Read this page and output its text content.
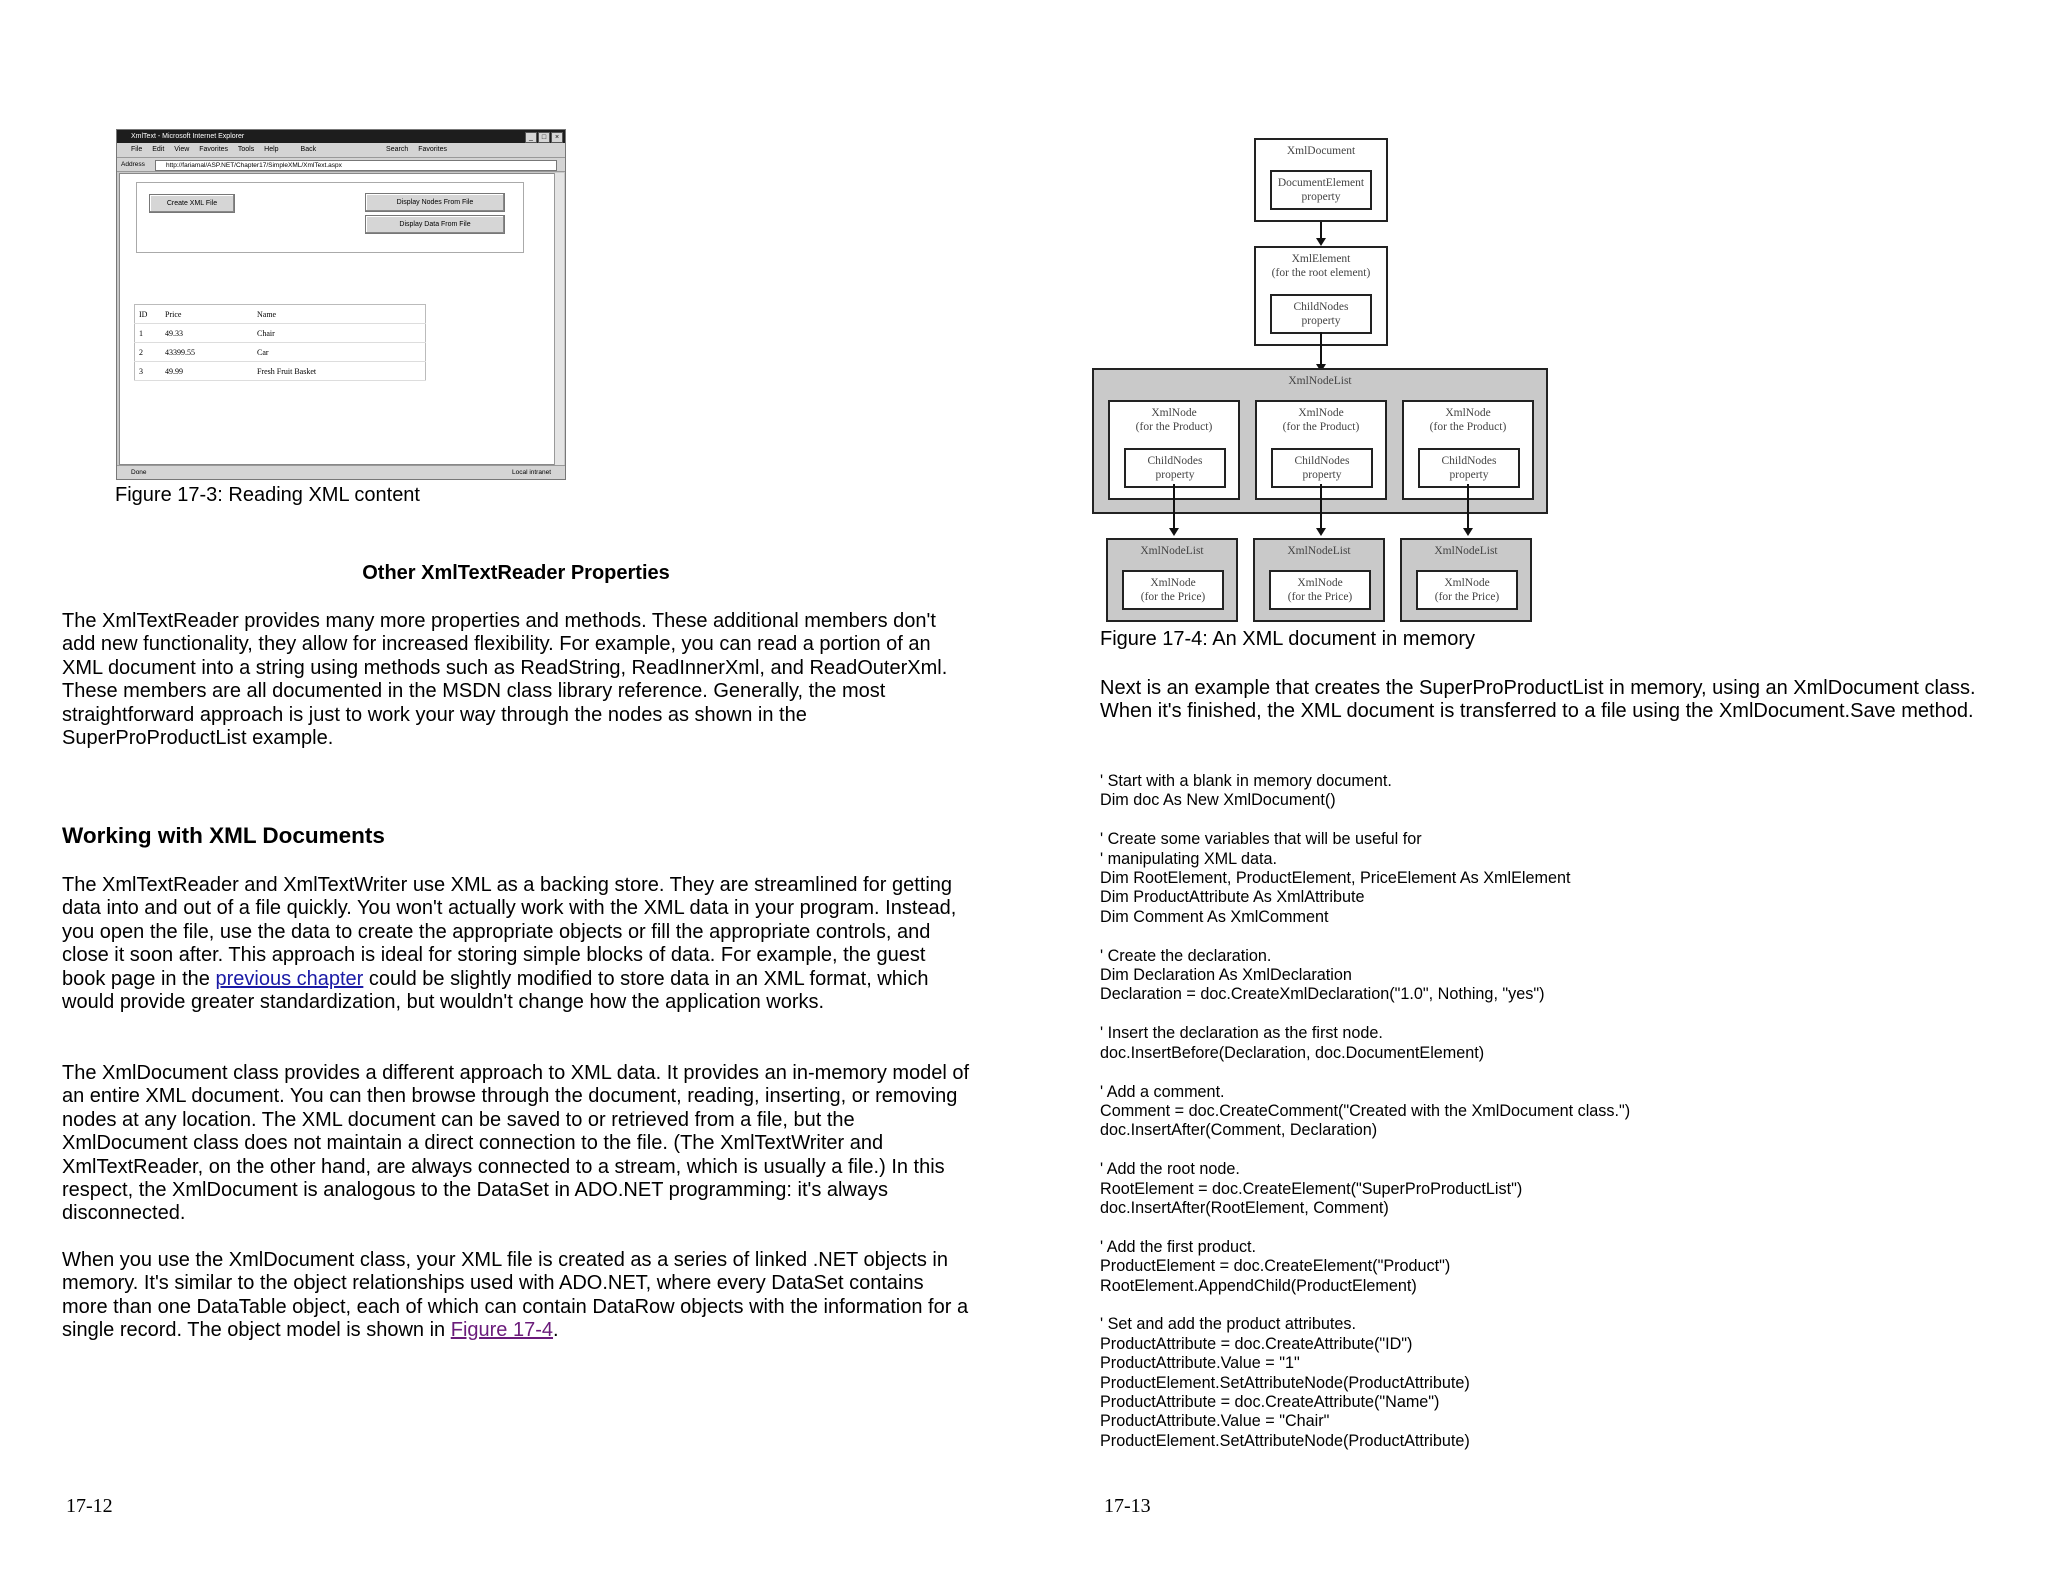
XmlText - Microsoft Internet Explorer	_	□	×
File Edit View Favorites Tools Help	Back	Search Favorites
Address	http://fariamal/ASP.NET/Chapter17/SimpleXML/XmlText.aspx
Create XML File	Display Nodes From File
Display Data From File
ID	Price	Name
1	49.33	Chair
2	43399.55	Car
3	49.99	Fresh Fruit Basket
Done	Local intranet
Figure 17-3: Reading XML content
Other XmlTextReader Properties
The XmlTextReader provides many more properties and methods. These additional members don't add new functionality, they allow for increased flexibility. For example, you can read a portion of an XML document into a string using methods such as ReadString, ReadInnerXml, and ReadOuterXml. These members are all documented in the MSDN class library reference. Generally, the most straightforward approach is just to work your way through the nodes as shown in the SuperProProductList example.
Working with XML Documents
The XmlTextReader and XmlTextWriter use XML as a backing store. They are streamlined for getting data into and out of a file quickly. You won't actually work with the XML data in your program. Instead, you open the file, use the data to create the appropriate objects or fill the appropriate controls, and close it soon after. This approach is ideal for storing simple blocks of data. For example, the guest book page in the previous chapter could be slightly modified to store data in an XML format, which would provide greater standardization, but wouldn't change how the application works.
The XmlDocument class provides a different approach to XML data. It provides an in-memory model of an entire XML document. You can then browse through the document, reading, inserting, or removing nodes at any location. The XML document can be saved to or retrieved from a file, but the XmlDocument class does not maintain a direct connection to the file. (The XmlTextWriter and XmlTextReader, on the other hand, are always connected to a stream, which is usually a file.) In this respect, the XmlDocument is analogous to the DataSet in ADO.NET programming: it's always disconnected.
When you use the XmlDocument class, your XML file is created as a series of linked .NET objects in memory. It's similar to the object relationships used with ADO.NET, where every DataSet contains more than one DataTable object, each of which can contain DataRow objects with the information for a single record. The object model is shown in Figure 17-4.
17-12
XmlDocument
DocumentElement
property
XmlElement
(for the root element)
ChildNodes
property
XmlNodeList
XmlNode
(for the Product)
ChildNodes
property
XmlNode
(for the Product)
ChildNodes
property
XmlNode
(for the Product)
ChildNodes
property
XmlNodeList
XmlNode
(for the Price)
XmlNodeList
XmlNode
(for the Price)
XmlNodeList
XmlNode
(for the Price)
Figure 17-4: An XML document in memory
Next is an example that creates the SuperProProductList in memory, using an XmlDocument class. When it's finished, the XML document is transferred to a file using the XmlDocument.Save method.
' Start with a blank in memory document.
Dim doc As New XmlDocument()

' Create some variables that will be useful for
' manipulating XML data.
Dim RootElement, ProductElement, PriceElement As XmlElement
Dim ProductAttribute As XmlAttribute
Dim Comment As XmlComment

' Create the declaration.
Dim Declaration As XmlDeclaration
Declaration = doc.CreateXmlDeclaration("1.0", Nothing, "yes")

' Insert the declaration as the first node.
doc.InsertBefore(Declaration, doc.DocumentElement)

' Add a comment.
Comment = doc.CreateComment("Created with the XmlDocument class.")
doc.InsertAfter(Comment, Declaration)

' Add the root node.
RootElement = doc.CreateElement("SuperProProductList")
doc.InsertAfter(RootElement, Comment)

' Add the first product.
ProductElement = doc.CreateElement("Product")
RootElement.AppendChild(ProductElement)

' Set and add the product attributes.
ProductAttribute = doc.CreateAttribute("ID")
ProductAttribute.Value = "1"
ProductElement.SetAttributeNode(ProductAttribute)
ProductAttribute = doc.CreateAttribute("Name")
ProductAttribute.Value = "Chair"
ProductElement.SetAttributeNode(ProductAttribute)
17-13
